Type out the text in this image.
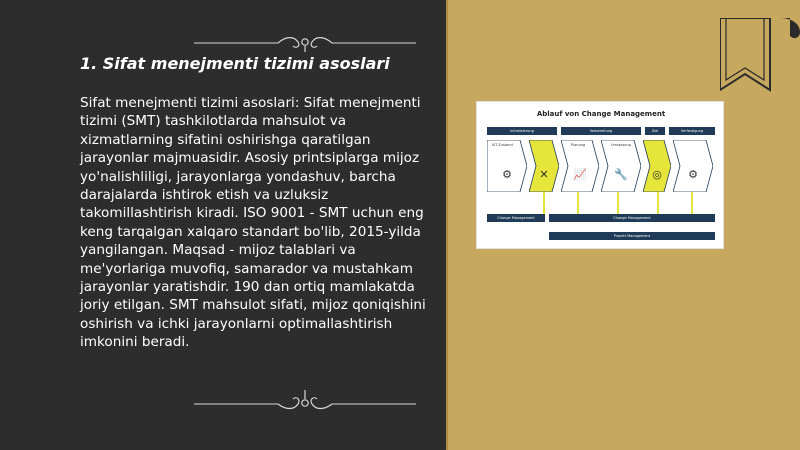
1. Sifat menejmenti tizimi asoslari

Sifat menejmenti tizimi asoslari: Sifat menejmenti tizimi (SMT) tashkilotlarda mahsulot va xizmatlarning sifatini oshirishga qaratilgan jarayonlar majmuasidir. Asosiy printsiplarga mijoz yo'nalishliligi, jarayonlarga yondashuv, barcha darajalarda ishtirok etish va uzluksiz takomillashtirish kiradi. ISO 9001 - SMT uchun eng keng tarqalgan xalqaro standart bo'lib, 2015-yilda yangilangan. Maqsad - mijoz talablari va me'yorlariga muvofiq, samarador va mustahkam jarayonlar yaratishdir. 190 dan ortiq mamlakatda joriy etilgan. SMT mahsulot sifati, mijoz qoniqishini oshirish va ichki jarayonlarni optimallashtirish imkonini beradi.

Ablauf von Change Management
Initialisierung	Vorbereitung	Ziel	Verfestigung
IST-Zustand
⚙	✕
Planung
📈
Umsetzung
🔧	◎	⚙
Change Management	Change Management
Projekt Management
